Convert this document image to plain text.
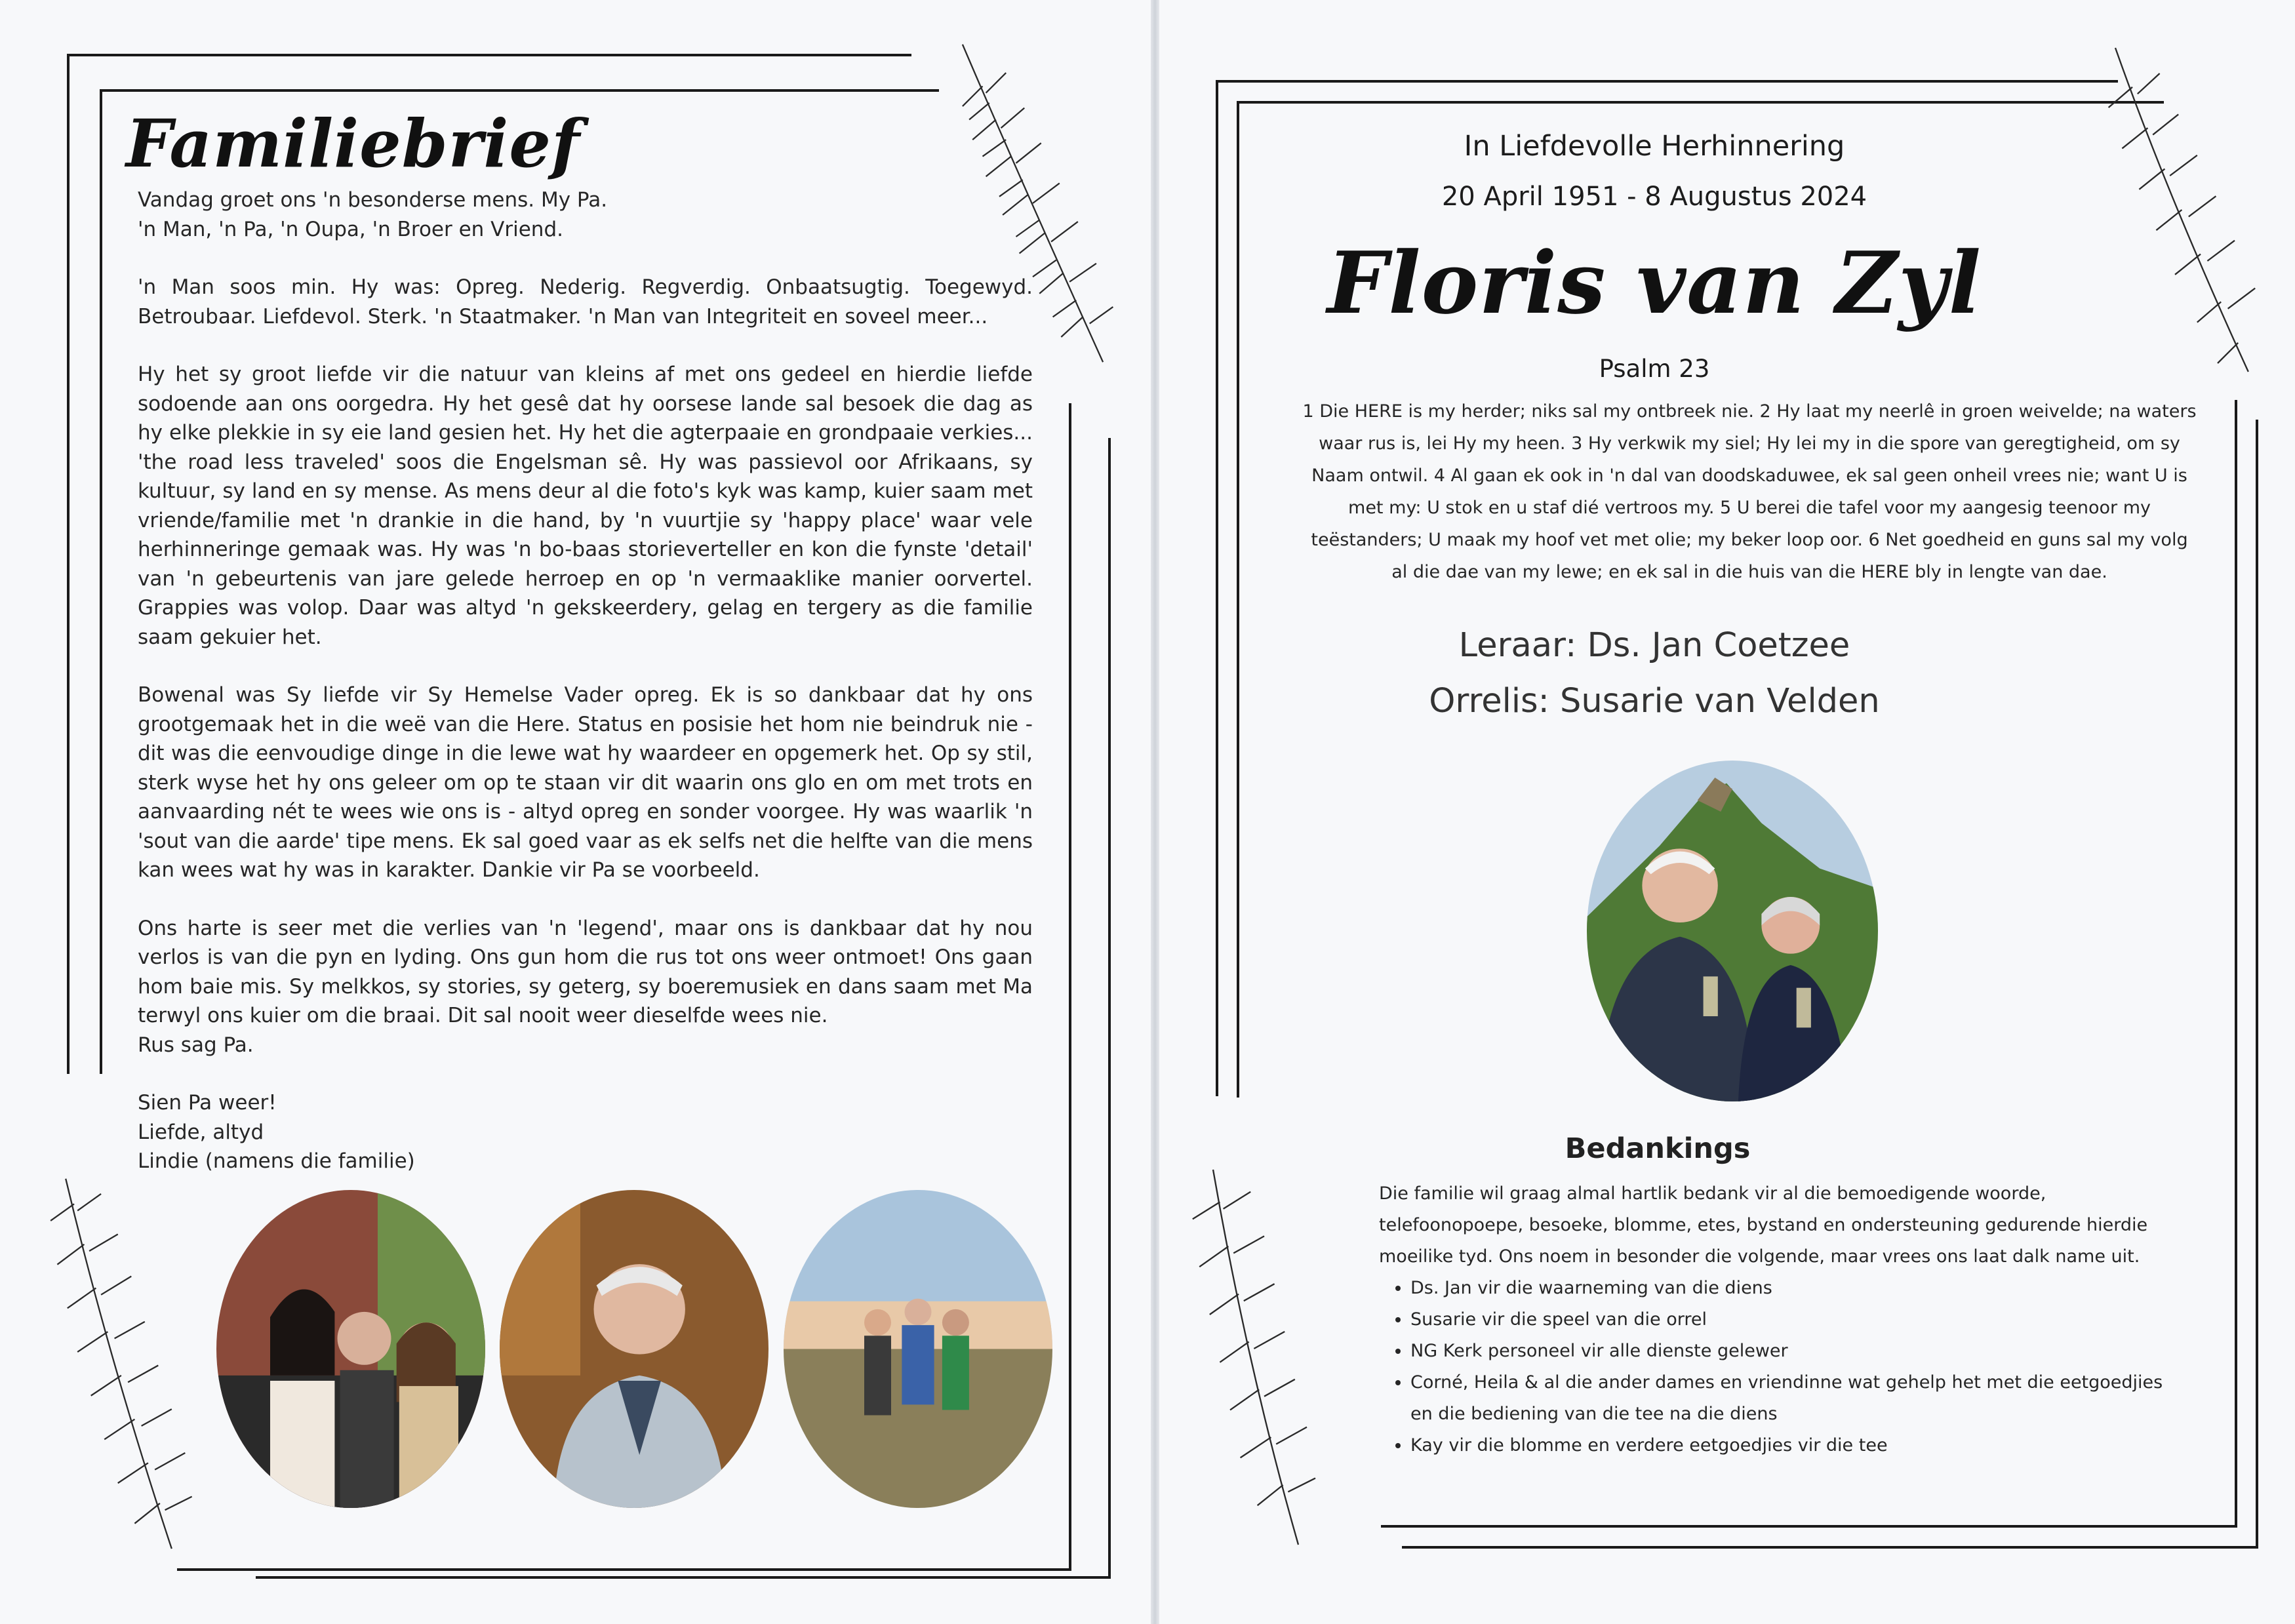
Familiebrief

Vandag groet ons 'n besonderse mens. My Pa.
'n Man, 'n Pa, 'n Oupa, 'n Broer en Vriend.

'n Man soos min. Hy was: Opreg. Nederig. Regverdig. Onbaatsugtig. Toegewyd. Betroubaar. Liefdevol. Sterk. 'n Staatmaker. 'n Man van Integriteit en soveel meer...

Hy het sy groot liefde vir die natuur van kleins af met ons gedeel en hierdie liefde sodoende aan ons oorgedra. Hy het gesê dat hy oorsese lande sal besoek die dag as hy elke plekkie in sy eie land gesien het. Hy het die agterpaaie en grondpaaie verkies... 'the road less traveled' soos die Engelsman sê. Hy was passievol oor Afrikaans, sy kultuur, sy land en sy mense. As mens deur al die foto's kyk was kamp, kuier saam met vriende/familie met 'n drankie in die hand, by 'n vuurtjie sy 'happy place' waar vele herhinneringe gemaak was. Hy was 'n bo-baas storieverteller en kon die fynste 'detail' van 'n gebeurtenis van jare gelede herroep en op 'n vermaaklike manier oorvertel. Grappies was volop. Daar was altyd 'n gekskeerdery, gelag en tergery as die familie saam gekuier het.

Bowenal was Sy liefde vir Sy Hemelse Vader opreg. Ek is so dankbaar dat hy ons grootgemaak het in die weë van die Here. Status en posisie het hom nie beindruk nie - dit was die eenvoudige dinge in die lewe wat hy waardeer en opgemerk het. Op sy stil, sterk wyse het hy ons geleer om op te staan vir dit waarin ons glo en om met trots en aanvaarding nét te wees wie ons is - altyd opreg en sonder voorgee. Hy was waarlik 'n 'sout van die aarde' tipe mens. Ek sal goed vaar as ek selfs net die helfte van die mens kan wees wat hy was in karakter. Dankie vir Pa se voorbeeld.

Ons harte is seer met die verlies van 'n 'legend', maar ons is dankbaar dat hy nou verlos is van die pyn en lyding. Ons gun hom die rus tot ons weer ontmoet! Ons gaan hom baie mis. Sy melkkos, sy stories, sy geterg, sy boeremusiek en dans saam met Ma terwyl ons kuier om die braai. Dit sal nooit weer dieselfde wees nie.
Rus sag Pa.

Sien Pa weer!

Liefde, altyd

Lindie (namens die familie)

In Liefdevolle Herhinnering
20 April 1951 - 8 Augustus 2024
Floris van Zyl
Psalm 23
1 Die HERE is my herder; niks sal my ontbreek nie. 2 Hy laat my neerlê in groen weivelde; na waters
waar rus is, lei Hy my heen. 3 Hy verkwik my siel; Hy lei my in die spore van geregtigheid, om sy
Naam ontwil. 4 Al gaan ek ook in 'n dal van doodskaduwee, ek sal geen onheil vrees nie; want U is
met my: U stok en u staf dié vertroos my. 5 U berei die tafel voor my aangesig teenoor my
teëstanders; U maak my hoof vet met olie; my beker loop oor. 6 Net goedheid en guns sal my volg
al die dae van my lewe; en ek sal in die huis van die HERE bly in lengte van dae.
Leraar: Ds. Jan Coetzee
Orrelis: Susarie van Velden
Bedankings
Die familie wil graag almal hartlik bedank vir al die bemoedigende woorde, telefoonopoepe, besoeke, blomme, etes, bystand en ondersteuning gedurende hierdie moeilike tyd. Ons noem in besonder die volgende, maar vrees ons laat dalk name uit.
• Ds. Jan vir die waarneming van die diens
• Susarie vir die speel van die orrel
• NG Kerk personeel vir alle dienste gelewer
• Corné, Heila & al die ander dames en vriendinne wat gehelp het met die eetgoedjies en die bediening van die tee na die diens
• Kay vir die blomme en verdere eetgoedjies vir die tee
